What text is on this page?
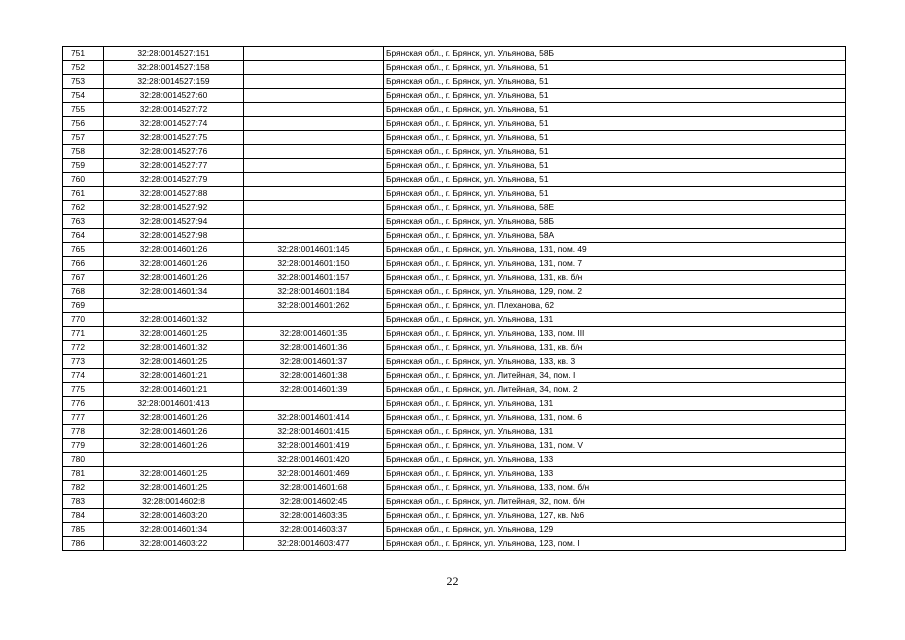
751	32:28:0014527:151		Брянская обл., г. Брянск, ул. Ульянова, 58Б
752	32:28:0014527:158		Брянская обл., г. Брянск, ул. Ульянова, 51
753	32:28:0014527:159		Брянская обл., г. Брянск, ул. Ульянова, 51
754	32:28:0014527:60		Брянская обл., г. Брянск, ул. Ульянова, 51
755	32:28:0014527:72		Брянская обл., г. Брянск, ул. Ульянова, 51
756	32:28:0014527:74		Брянская обл., г. Брянск, ул. Ульянова, 51
757	32:28:0014527:75		Брянская обл., г. Брянск, ул. Ульянова, 51
758	32:28:0014527:76		Брянская обл., г. Брянск, ул. Ульянова, 51
759	32:28:0014527:77		Брянская обл., г. Брянск, ул. Ульянова, 51
760	32:28:0014527:79		Брянская обл., г. Брянск, ул. Ульянова, 51
761	32:28:0014527:88		Брянская обл., г. Брянск, ул. Ульянова, 51
762	32:28:0014527:92		Брянская обл., г. Брянск, ул. Ульянова, 58Е
763	32:28:0014527:94		Брянская обл., г. Брянск, ул. Ульянова, 58Б
764	32:28:0014527:98		Брянская обл., г. Брянск, ул. Ульянова, 58А
765	32:28:0014601:26	32:28:0014601:145	Брянская обл., г. Брянск, ул. Ульянова, 131, пом. 49
766	32:28:0014601:26	32:28:0014601:150	Брянская обл., г. Брянск, ул. Ульянова, 131, пом. 7
767	32:28:0014601:26	32:28:0014601:157	Брянская обл., г. Брянск, ул. Ульянова, 131, кв. б/н
768	32:28:0014601:34	32:28:0014601:184	Брянская обл., г. Брянск, ул. Ульянова, 129, пом. 2
769		32:28:0014601:262	Брянская обл., г. Брянск, ул. Плеханова, 62
770	32:28:0014601:32		Брянская обл., г. Брянск, ул. Ульянова, 131
771	32:28:0014601:25	32:28:0014601:35	Брянская обл., г. Брянск, ул. Ульянова, 133, пом. III
772	32:28:0014601:32	32:28:0014601:36	Брянская обл., г. Брянск, ул. Ульянова, 131, кв. б/н
773	32:28:0014601:25	32:28:0014601:37	Брянская обл., г. Брянск, ул. Ульянова, 133, кв. 3
774	32:28:0014601:21	32:28:0014601:38	Брянская обл., г. Брянск, ул. Литейная, 34, пом. I
775	32:28:0014601:21	32:28:0014601:39	Брянская обл., г. Брянск, ул. Литейная, 34, пом. 2
776	32:28:0014601:413		Брянская обл., г. Брянск, ул. Ульянова, 131
777	32:28:0014601:26	32:28:0014601:414	Брянская обл., г. Брянск, ул. Ульянова, 131, пом. 6
778	32:28:0014601:26	32:28:0014601:415	Брянская обл., г. Брянск, ул. Ульянова, 131
779	32:28:0014601:26	32:28:0014601:419	Брянская обл., г. Брянск, ул. Ульянова, 131, пом. V
780		32:28:0014601:420	Брянская обл., г. Брянск, ул. Ульянова, 133
781	32:28:0014601:25	32:28:0014601:469	Брянская обл., г. Брянск, ул. Ульянова, 133
782	32:28:0014601:25	32:28:0014601:68	Брянская обл., г. Брянск, ул. Ульянова, 133, пом. б/н
783	32:28:0014602:8	32:28:0014602:45	Брянская обл., г. Брянск, ул. Литейная, 32, пом. б/н
784	32:28:0014603:20	32:28:0014603:35	Брянская обл., г. Брянск, ул. Ульянова, 127, кв. №6
785	32:28:0014601:34	32:28:0014603:37	Брянская обл., г. Брянск, ул. Ульянова, 129
786	32:28:0014603:22	32:28:0014603:477	Брянская обл., г. Брянск, ул. Ульянова, 123, пом. I
22
